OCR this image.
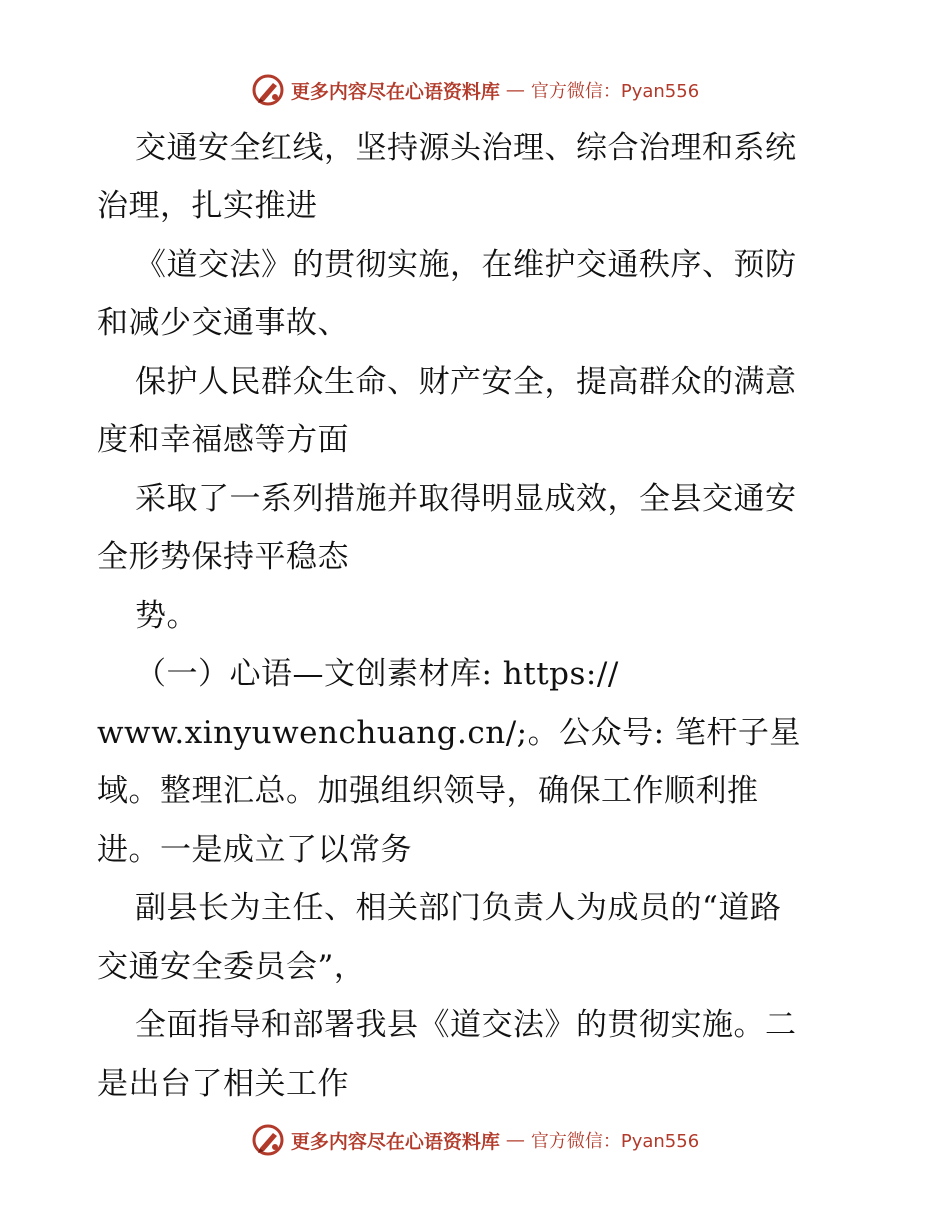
更多内容尽在心语资料库 — 官方微信：Pyan556
交通安全红线，坚持源头治理、综合治理和系统
治理，扎实推进
《道交法》的贯彻实施，在维护交通秩序、预防
和减少交通事故、
保护人民群众生命、财产安全，提高群众的满意
度和幸福感等方面
采取了一系列措施并取得明显成效，全县交通安
全形势保持平稳态
势。
（一）心语—文创素材库: https://
www.xinyuwenchuang.cn/;。公众号: 笔杆子星
域。整理汇总。加强组织领导，确保工作顺利推
进。一是成立了以常务
副县长为主任、相关部门负责人为成员的“道路
交通安全委员会”，
全面指导和部署我县《道交法》的贯彻实施。二
是出台了相关工作
更多内容尽在心语资料库 — 官方微信：Pyan556
